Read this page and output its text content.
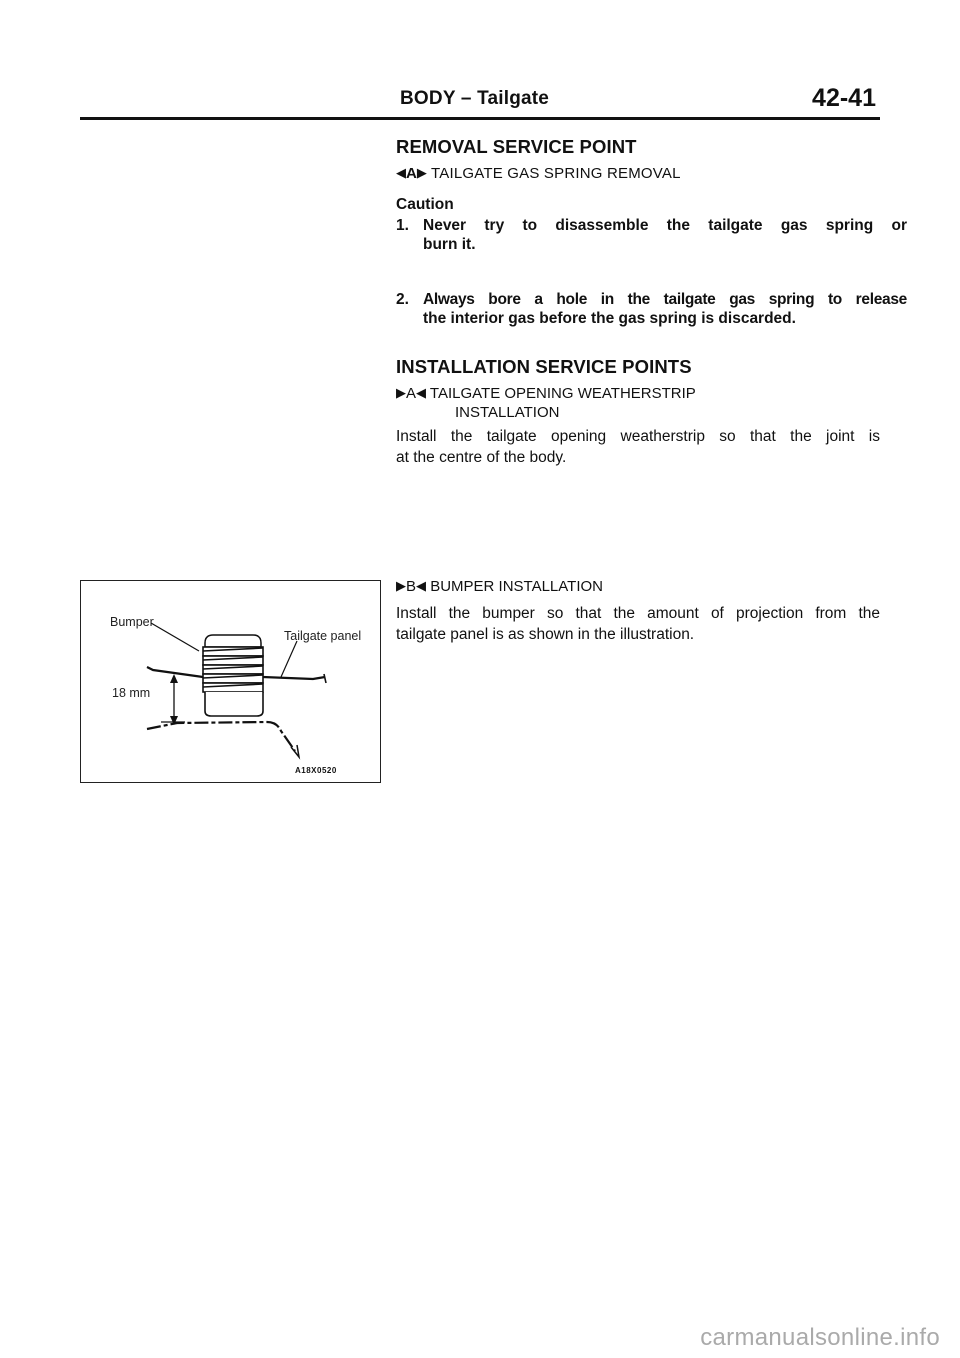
BODY – Tailgate	42-41
REMOVAL SERVICE POINT
◀A▶ TAILGATE GAS SPRING REMOVAL
Caution
1. Never try to disassemble the tailgate gas spring or
burn it.
2. Always bore a hole in the tailgate gas spring to release
the interior gas before the gas spring is discarded.
INSTALLATION SERVICE POINTS
▶A◀ TAILGATE OPENING WEATHERSTRIP
INSTALLATION
Install the tailgate opening weatherstrip so that the joint is
at the centre of the body.
▶B◀ BUMPER INSTALLATION
Install the bumper so that the amount of projection from the
tailgate panel is as shown in the illustration.
Bumper
Tailgate panel
18 mm
A18X0520
carmanualsonline.info
